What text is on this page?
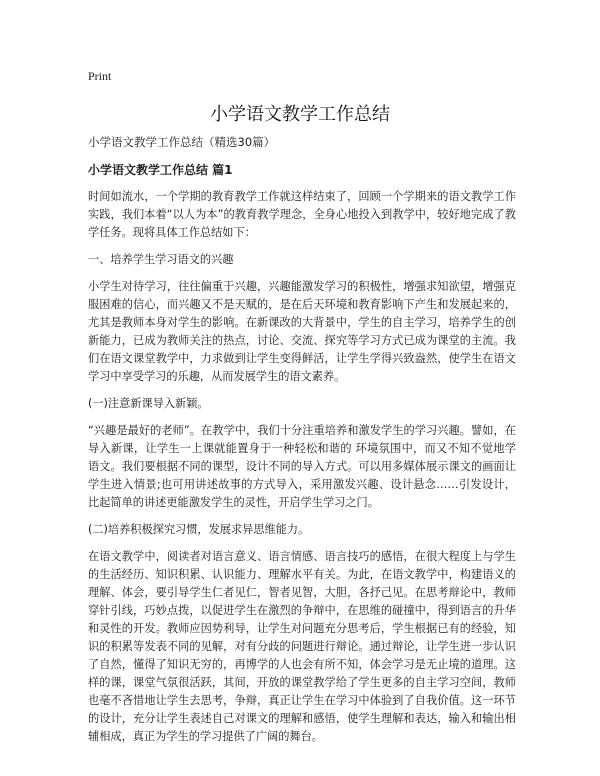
Print
小学语文教学工作总结

小学语文教学工作总结（精选30篇）

小学语文教学工作总结 篇1

时间如流水，一个学期的教育教学工作就这样结束了，回顾一个学期来的语文教学工作实践，我们本着“以人为本”的教育教学理念，全身心地投入到教学中，较好地完成了教学任务。现将具体工作总结如下：

一、培养学生学习语文的兴趣

小学生对待学习，往往偏重于兴趣，兴趣能激发学习的积极性，增强求知欲望，增强克服困难的信心，而兴趣又不是天赋的，是在后天环境和教育影响下产生和发展起来的，尤其是教师本身对学生的影响。在新课改的大背景中，学生的自主学习，培养学生的创新能力，已成为教师关注的热点，讨论、交流、探究等学习方式已成为课堂的主流。我们在语文课堂教学中，力求做到让学生变得鲜活，让学生学得兴致盎然，使学生在语文学习中享受学习的乐趣，从而发展学生的语文素养。

(一)注意新课导入新颖。

“兴趣是最好的老师”。在教学中，我们十分注重培养和激发学生的学习兴趣。譬如，在导入新课，让学生一上课就能置身于一种轻松和谐的 环境氛围中，而又不知不觉地学语文。我们要根据不同的课型，设计不同的导入方式。可以用多媒体展示课文的画面让学生进入情景;也可用讲述故事的方式导入，采用激发兴趣、设计悬念……引发设计，比起简单的讲述更能激发学生的灵性，开启学生学习之门。

(二)培养积极探究习惯，发展求异思维能力。

在语文教学中，阅读者对语言意义、语言情感、语言技巧的感悟，在很大程度上与学生的生活经历、知识积累、认识能力、理解水平有关。为此，在语文教学中，构建语义的理解、体会，要引导学生仁者见仁，智者见智，大胆，各抒己见。在思考辩论中，教师穿针引线，巧妙点拨，以促进学生在激烈的争辩中，在思维的碰撞中，得到语言的升华和灵性的开发。教师应因势利导，让学生对问题充分思考后，学生根据已有的经验，知识的积累等发表不同的见解，对有分歧的问题进行辩论。通过辩论，让学生进一步认识了自然，懂得了知识无穷的，再博学的人也会有所不知，体会学习是无止境的道理。这样的课，课堂气氛很活跃，其间，开放的课堂教学给了学生更多的自主学习空间，教师也毫不吝惜地让学生去思考，争辩，真正让学生在学习中体验到了自我价值。这一环节的设计，充分让学生表述自己对课文的理解和感悟，使学生理解和表达，输入和输出相辅相成，真正为学生的学习提供了广阔的舞台。
